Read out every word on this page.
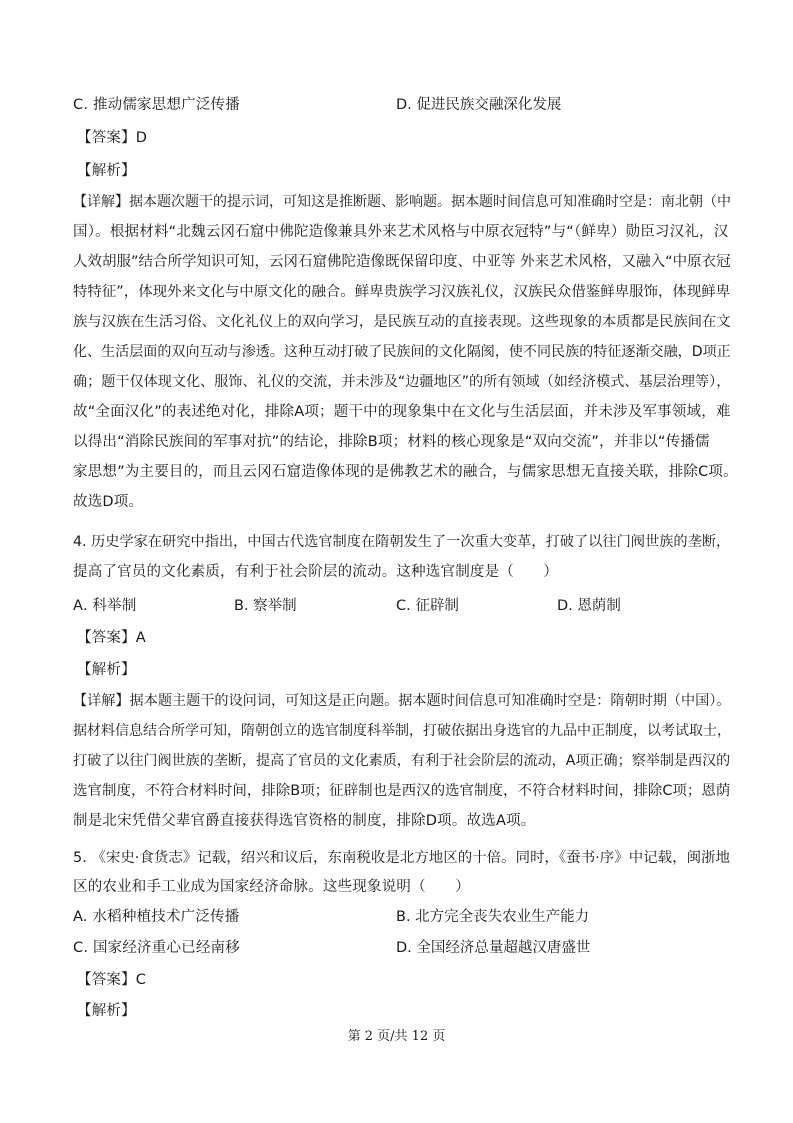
C. 推动儒家思想广泛传播	D. 促进民族交融深化发展
【答案】D
【解析】
【详解】据本题次题干的提示词，可知这是推断题、影响题。据本题时间信息可知准确时空是：南北朝（中
国）。根据材料“北魏云冈石窟中佛陀造像兼具外来艺术风格与中原衣冠特”与“（鲜卑）勋臣习汉礼，汉
人效胡服”结合所学知识可知，云冈石窟佛陀造像既保留印度、中亚等 外来艺术风格，又融入“中原衣冠
特特征”，体现外来文化与中原文化的融合。鲜卑贵族学习汉族礼仪，汉族民众借鉴鲜卑服饰，体现鲜卑
族与汉族在生活习俗、文化礼仪上的双向学习，是民族互动的直接表现。这些现象的本质都是民族间在文
化、生活层面的双向互动与渗透。这种互动打破了民族间的文化隔阂，使不同民族的特征逐渐交融，D项正
确；题干仅体现文化、服饰、礼仪的交流，并未涉及“边疆地区”的所有领域（如经济模式、基层治理等），
故“全面汉化”的表述绝对化，排除A项；题干中的现象集中在文化与生活层面，并未涉及军事领域，难
以得出“消除民族间的军事对抗”的结论，排除B项；材料的核心现象是“双向交流”，并非以“传播儒
家思想”为主要目的，而且云冈石窟造像体现的是佛教艺术的融合，与儒家思想无直接关联，排除C项。
故选D项。
4. 历史学家在研究中指出，中国古代选官制度在隋朝发生了一次重大变革，打破了以往门阀世族的垄断，
提高了官员的文化素质，有利于社会阶层的流动。这种选官制度是（　　）
A. 科举制	B. 察举制	C. 征辟制	D. 恩荫制
【答案】A
【解析】
【详解】据本题主题干的设问词，可知这是正向题。据本题时间信息可知准确时空是：隋朝时期（中国）。
据材料信息结合所学可知，隋朝创立的选官制度科举制，打破依据出身选官的九品中正制度，以考试取士，
打破了以往门阀世族的垄断，提高了官员的文化素质，有利于社会阶层的流动，A项正确；察举制是西汉的
选官制度，不符合材料时间，排除B项；征辟制也是西汉的选官制度，不符合材料时间，排除C项；恩荫
制是北宋凭借父辈官爵直接获得选官资格的制度，排除D项。故选A项。
5. 《宋史·食货志》记载，绍兴和议后，东南税收是北方地区的十倍。同时，《蚕书·序》中记载，闽浙地
区的农业和手工业成为国家经济命脉。这些现象说明（　　）
A. 水稻种植技术广泛传播	B. 北方完全丧失农业生产能力
C. 国家经济重心已经南移	D. 全国经济总量超越汉唐盛世
【答案】C
【解析】
第 2 页/共 12 页
